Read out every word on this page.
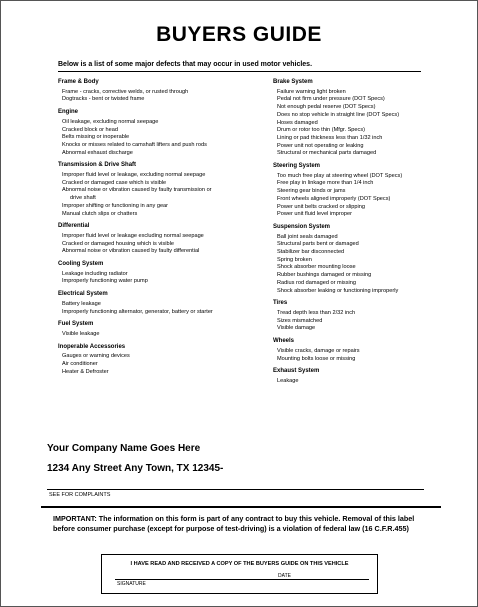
BUYERS GUIDE
Below is a list of some major defects that may occur in used motor vehicles.
Frame & Body
Frame - cracks, corrective welds, or rusted through
Dogtracks - bent or twisted frame
Engine
Oil leakage, excluding normal seepage
Cracked block or head
Belts missing or inoperable
Knocks or misses related to camshaft lifters and push rods
Abnormal exhaust discharge
Transmission & Drive Shaft
Improper fluid level or leakage, excluding normal seepage
Cracked or damaged case which is visible
Abnormal noise or vibration caused by faulty transmission or
drive shaft
Improper shifting or functioning in any gear
Manual clutch slips or chatters
Differential
Improper fluid level or leakage excluding normal seepage
Cracked or damaged housing which is visible
Abnormal noise or vibration caused by faulty differential
Cooling System
Leakage including radiator
Improperly functioning water pump
Electrical System
Battery leakage
Improperly functioning alternator, generator, battery or starter
Fuel System
Visible leakage
Inoperable Accessories
Gauges or warning devices
Air conditioner
Heater & Defroster
Brake System
Failure warning light broken
Pedal not firm under pressure (DOT Specs)
Not enough pedal reserve (DOT Specs)
Does no stop vehicle in straight line (DOT Specs)
Hoses damaged
Drum or rotor too thin (Mfgr. Specs)
Lining or pad thickness less than 1/32 inch
Power unit not operating or leaking
Structural or mechanical parts damaged
Steering System
Too much free play at steering wheel (DOT Specs)
Free play in linkage more than 1/4 inch
Steering gear binds or jams
Front wheels aligned improperly (DOT Specs)
Power unit belts cracked or slipping
Power unit fluid level improper
Suspension System
Ball joint seals damaged
Structural parts bent or damaged
Stabilizer bar disconnected
Spring broken
Shock absorber mounting loose
Rubber bushings damaged or missing
Radius rod damaged or missing
Shock absorber leaking or functioning improperly
Tires
Tread depth less than 2/32 inch
Sizes mismatched
Visible damage
Wheels
Visible cracks, damage or repairs
Mounting bolts loose or missing
Exhaust System
Leakage
Your Company Name Goes Here
1234 Any Street Any Town, TX 12345-
SEE FOR COMPLAINTS
IMPORTANT: The information on this form is part of any contract to buy this vehicle. Removal of this label before consumer purchase (except for purpose of test-driving) is a violation of federal law (16 C.F.R.455)
I HAVE READ AND RECEIVED A COPY OF THE BUYERS GUIDE ON THIS VEHICLE
DATE
SIGNATURE
